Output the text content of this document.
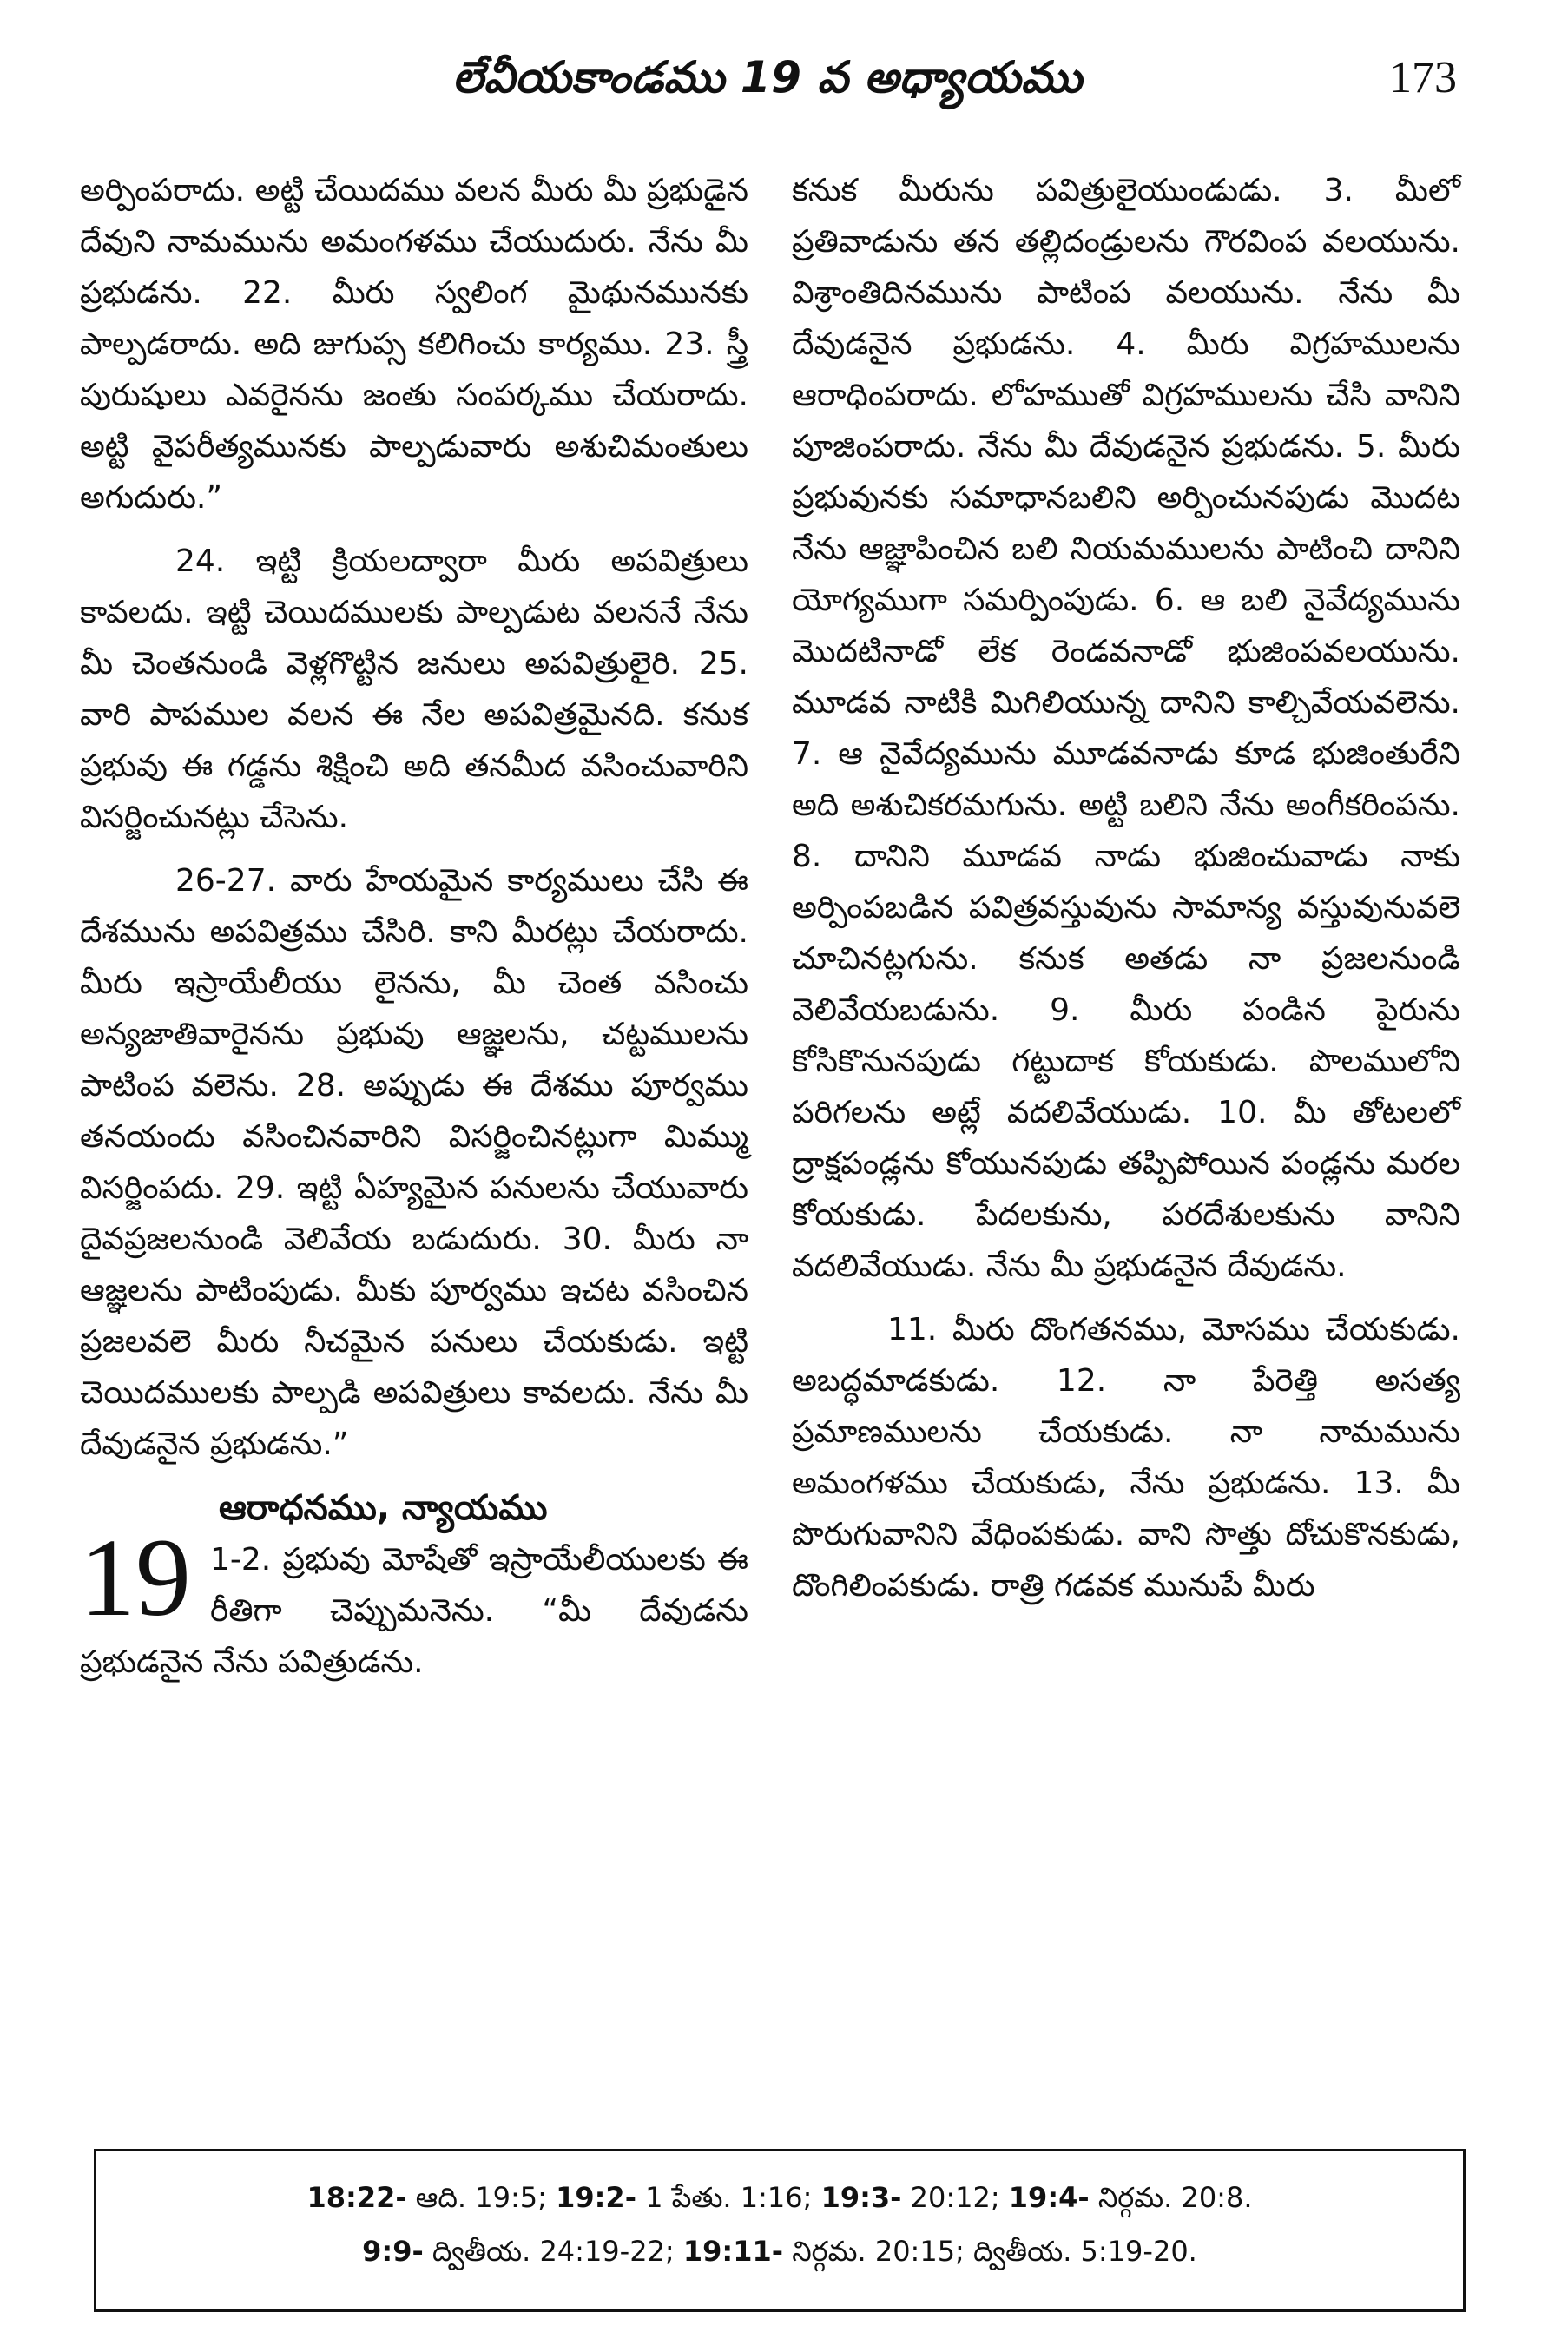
లేవీయకాండము 19 వ అధ్యాయము	173

అర్పింపరాదు. అట్టి చేయిదము వలన మీరు మీ ప్రభుడైన దేవుని నామమును అమంగళము చేయుదురు. నేను మీ ప్రభుడను. 22. మీరు స్వలింగ మైథునమునకు పాల్పడరాదు. అది జుగుప్స కలిగించు కార్యము. 23. స్త్రీ పురుషులు ఎవరైనను జంతు సంపర్కము చేయరాదు. అట్టి వైపరీత్యమునకు పాల్పడువారు అశుచిమంతులు అగుదురు.”

24. ఇట్టి క్రియలద్వారా మీరు అపవిత్రులు కావలదు. ఇట్టి చెయిదములకు పాల్పడుట వలననే నేను మీ చెంతనుండి వెళ్లగొట్టిన జనులు అపవిత్రులైరి. 25. వారి పాపముల వలన ఈ నేల అపవిత్రమైనది. కనుక ప్రభువు ఈ గడ్డను శిక్షించి అది తనమీద వసించువారిని విసర్జించునట్లు చేసెను.

26-27. వారు హేయమైన కార్యములు చేసి ఈ దేశమును అపవిత్రము చేసిరి. కాని మీరట్లు చేయరాదు. మీరు ఇస్రాయేలీయు లైనను, మీ చెంత వసించు అన్యజాతివారైనను ప్రభువు ఆజ్ఞలను, చట్టములను పాటింప వలెను. 28. అప్పుడు ఈ దేశము పూర్వము తనయందు వసించినవారిని విసర్జించినట్లుగా మిమ్ము విసర్జింపదు. 29. ఇట్టి ఏహ్యమైన పనులను చేయువారు దైవప్రజలనుండి వెలివేయ బడుదురు. 30. మీరు నా ఆజ్ఞలను పాటింపుడు. మీకు పూర్వము ఇచట వసించిన ప్రజలవలె మీరు నీచమైన పనులు చేయకుడు. ఇట్టి చెయిదములకు పాల్పడి అపవిత్రులు కావలదు. నేను మీ దేవుడనైన ప్రభుడను.”

ఆరాధనము, న్యాయము
19 1-2. ప్రభువు మోషేతో ఇస్రాయేలీయులకు ఈ రీతిగా చెప్పుమనెను. “మీ దేవుడను ప్రభుడనైన నేను పవిత్రుడను.

కనుక మీరును పవిత్రులైయుండుడు. 3. మీలో ప్రతివాడును తన తల్లిదండ్రులను గౌరవింప వలయును. విశ్రాంతిదినమును పాటింప వలయును. నేను మీ దేవుడనైన ప్రభుడను. 4. మీరు విగ్రహములను ఆరాధింపరాదు. లోహముతో విగ్రహములను చేసి వానిని పూజింపరాదు. నేను మీ దేవుడనైన ప్రభుడను. 5. మీరు ప్రభువునకు సమాధానబలిని అర్పించునపుడు మొదట నేను ఆజ్ఞాపించిన బలి నియమములను పాటించి దానిని యోగ్యముగా సమర్పింపుడు. 6. ఆ బలి నైవేద్యమును మొదటినాడో లేక రెండవనాడో భుజింపవలయును. మూడవ నాటికి మిగిలియున్న దానిని కాల్చివేయవలెను. 7. ఆ నైవేద్యమును మూడవనాడు కూడ భుజింతురేని అది అశుచికరమగును. అట్టి బలిని నేను అంగీకరింపను. 8. దానిని మూడవ నాడు భుజించువాడు నాకు అర్పింపబడిన పవిత్రవస్తువును సామాన్య వస్తువునువలె చూచినట్లగును. కనుక అతడు నా ప్రజలనుండి వెలివేయబడును. 9. మీరు పండిన పైరును కోసికొనునపుడు గట్టుదాక కోయకుడు. పొలములోని పరిగలను అట్లే వదలివేయుడు. 10. మీ తోటలలో ద్రాక్షపండ్లను కోయునపుడు తప్పిపోయిన పండ్లను మరల కోయకుడు. పేదలకును, పరదేశులకును వానిని వదలివేయుడు. నేను మీ ప్రభుడనైన దేవుడను.

11. మీరు దొంగతనము, మోసము చేయకుడు. అబద్ధమాడకుడు. 12. నా పేరెత్తి అసత్య ప్రమాణములను చేయకుడు. నా నామమును అమంగళము చేయకుడు, నేను ప్రభుడను. 13. మీ పొరుగువానిని వేధింపకుడు. వాని సొత్తు దోచుకొనకుడు, దొంగిలింపకుడు. రాత్రి గడవక మునుపే మీరు

18:22- ఆది. 19:5; 19:2- 1 పేతు. 1:16; 19:3- 20:12; 19:4- నిర్గమ. 20:8.
9:9- ద్వితీయ. 24:19-22; 19:11- నిర్గమ. 20:15; ద్వితీయ. 5:19-20.
